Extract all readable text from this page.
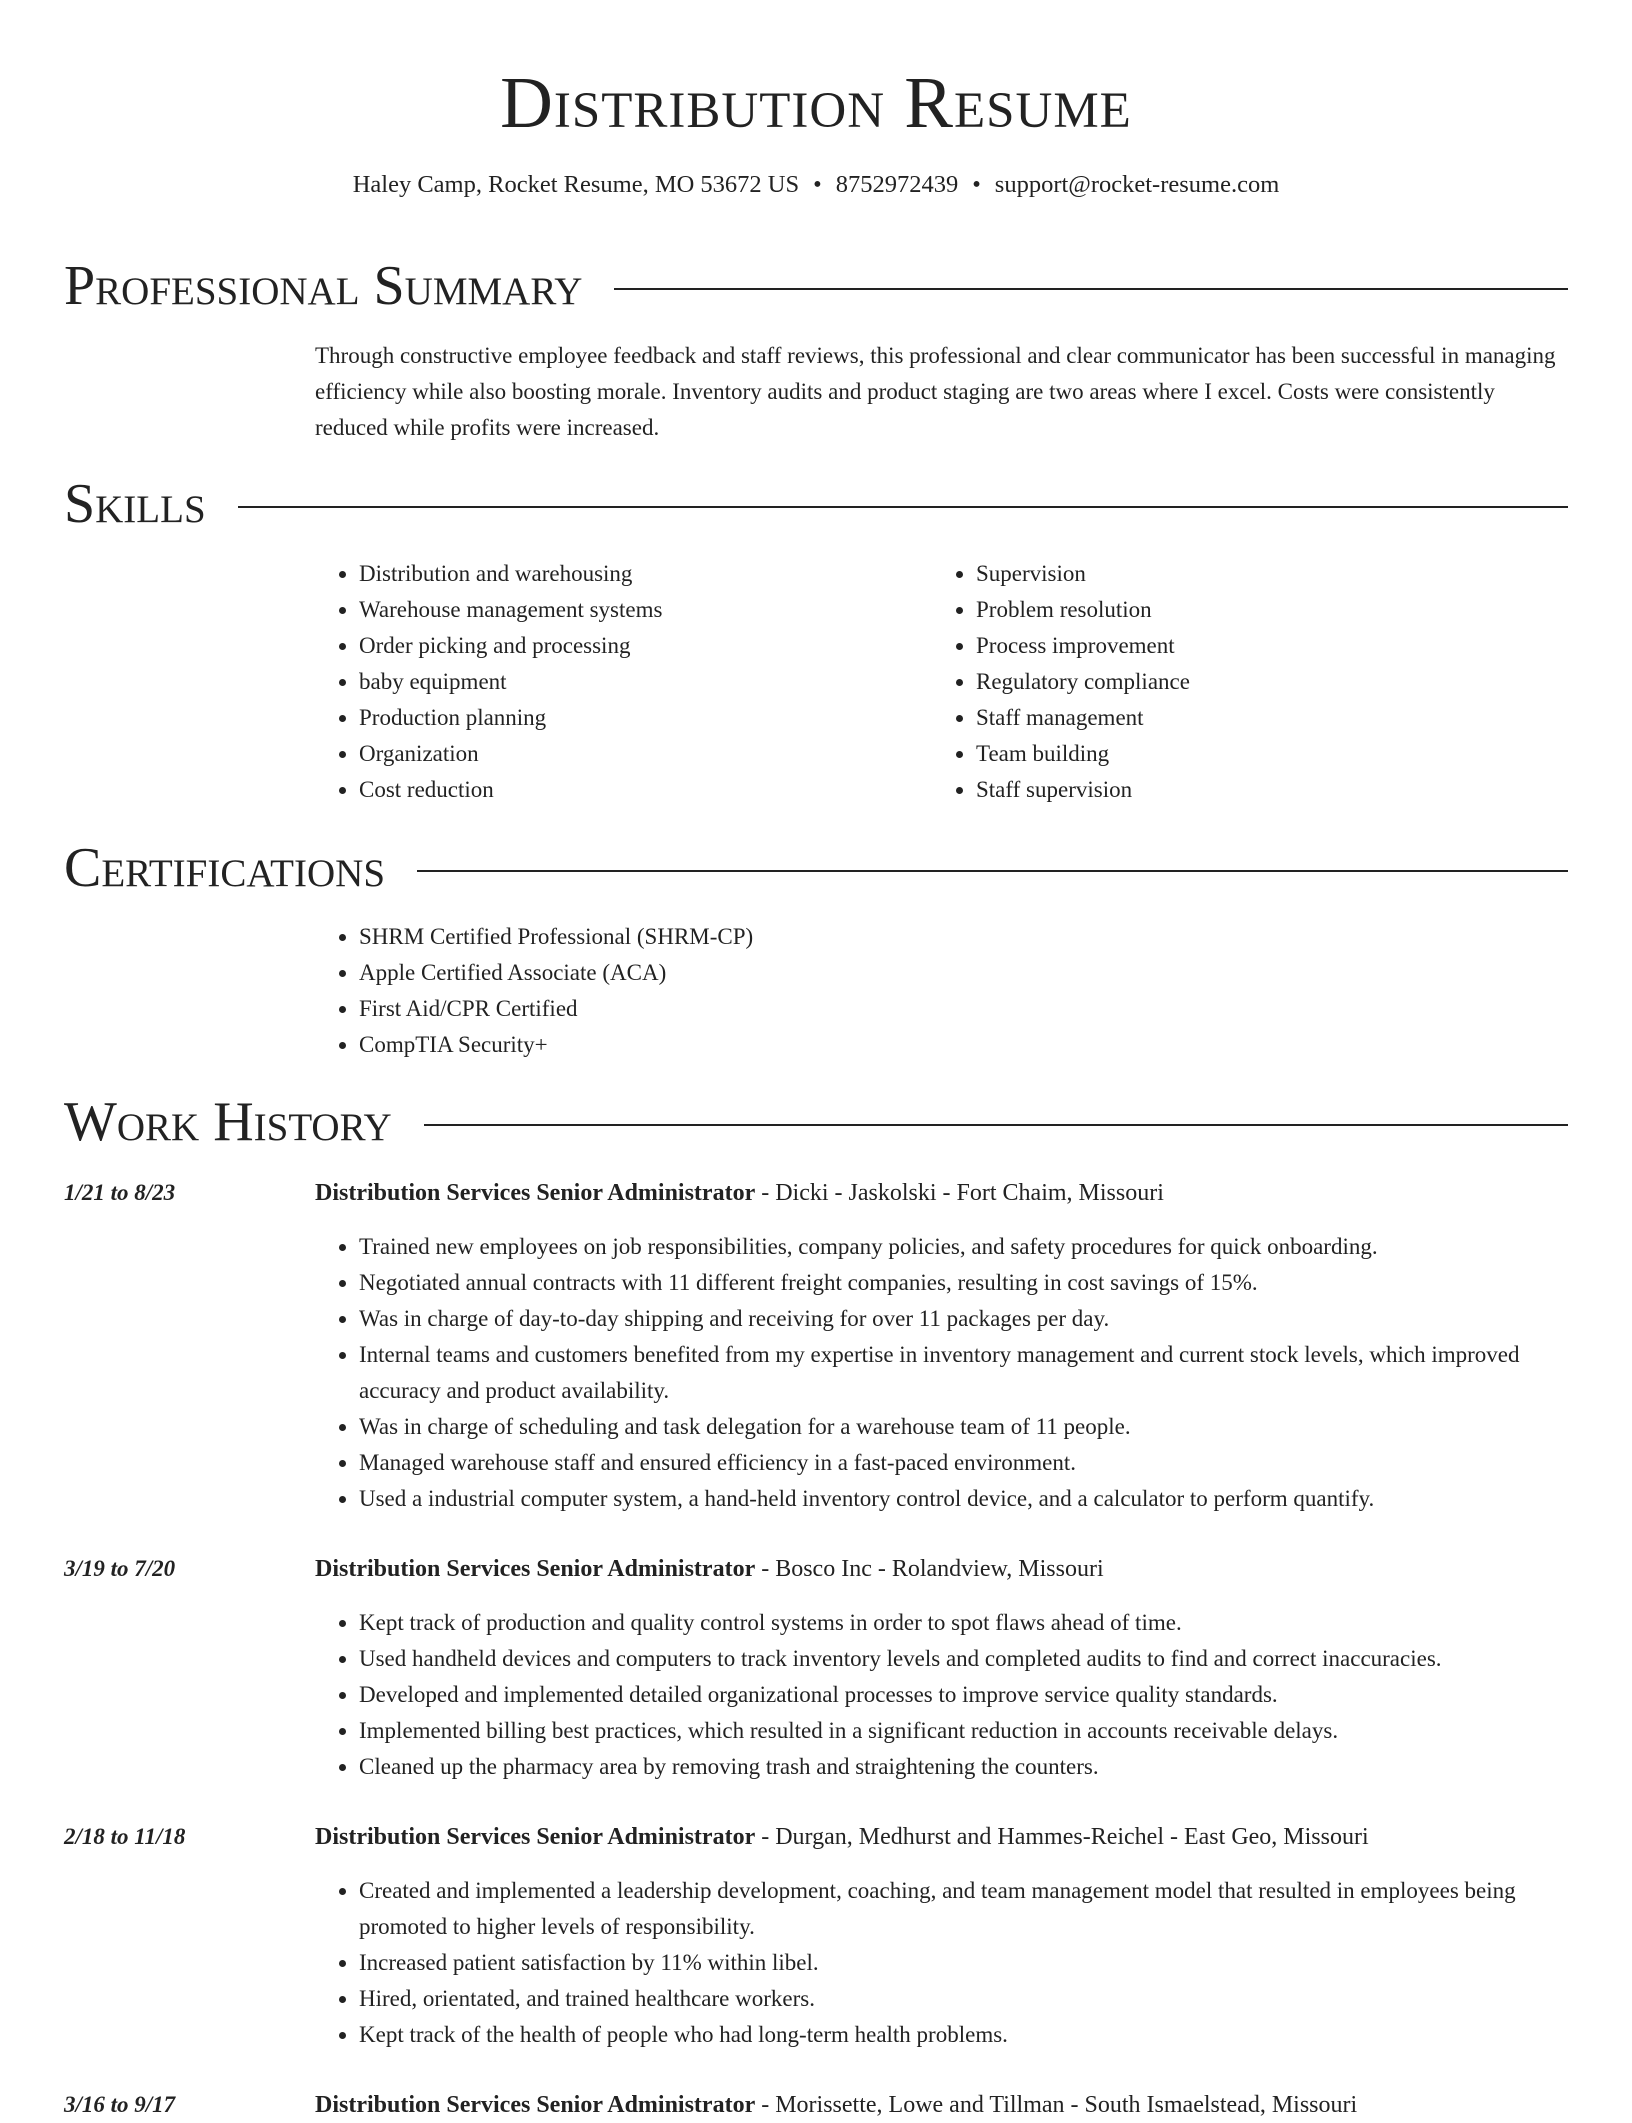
Distribution Resume
Haley Camp, Rocket Resume, MO 53672 US • 8752972439 • support@rocket-resume.com
Professional Summary

Through constructive employee feedback and staff reviews, this professional and clear communicator has been successful in managing efficiency while also boosting morale. Inventory audits and product staging are two areas where I excel. Costs were consistently reduced while profits were increased.

Skills
• Distribution and warehousing
• Warehouse management systems
• Order picking and processing
• baby equipment
• Production planning
• Organization
• Cost reduction
• Supervision
• Problem resolution
• Process improvement
• Regulatory compliance
• Staff management
• Team building
• Staff supervision
Certifications
• SHRM Certified Professional (SHRM-CP)
• Apple Certified Associate (ACA)
• First Aid/CPR Certified
• CompTIA Security+
Work History
1/21 to 8/23	Distribution Services Senior Administrator - Dicki - Jaskolski - Fort Chaim, Missouri
• Trained new employees on job responsibilities, company policies, and safety procedures for quick onboarding.
• Negotiated annual contracts with 11 different freight companies, resulting in cost savings of 15%.
• Was in charge of day-to-day shipping and receiving for over 11 packages per day.
• Internal teams and customers benefited from my expertise in inventory management and current stock levels, which improved accuracy and product availability.
• Was in charge of scheduling and task delegation for a warehouse team of 11 people.
• Managed warehouse staff and ensured efficiency in a fast-paced environment.
• Used a industrial computer system, a hand-held inventory control device, and a calculator to perform quantify.
3/19 to 7/20	Distribution Services Senior Administrator - Bosco Inc - Rolandview, Missouri
• Kept track of production and quality control systems in order to spot flaws ahead of time.
• Used handheld devices and computers to track inventory levels and completed audits to find and correct inaccuracies.
• Developed and implemented detailed organizational processes to improve service quality standards.
• Implemented billing best practices, which resulted in a significant reduction in accounts receivable delays.
• Cleaned up the pharmacy area by removing trash and straightening the counters.
2/18 to 11/18	Distribution Services Senior Administrator - Durgan, Medhurst and Hammes-Reichel - East Geo, Missouri
• Created and implemented a leadership development, coaching, and team management model that resulted in employees being promoted to higher levels of responsibility.
• Increased patient satisfaction by 11% within libel.
• Hired, orientated, and trained healthcare workers.
• Kept track of the health of people who had long-term health problems.
3/16 to 9/17	Distribution Services Senior Administrator - Morissette, Lowe and Tillman - South Ismaelstead, Missouri
